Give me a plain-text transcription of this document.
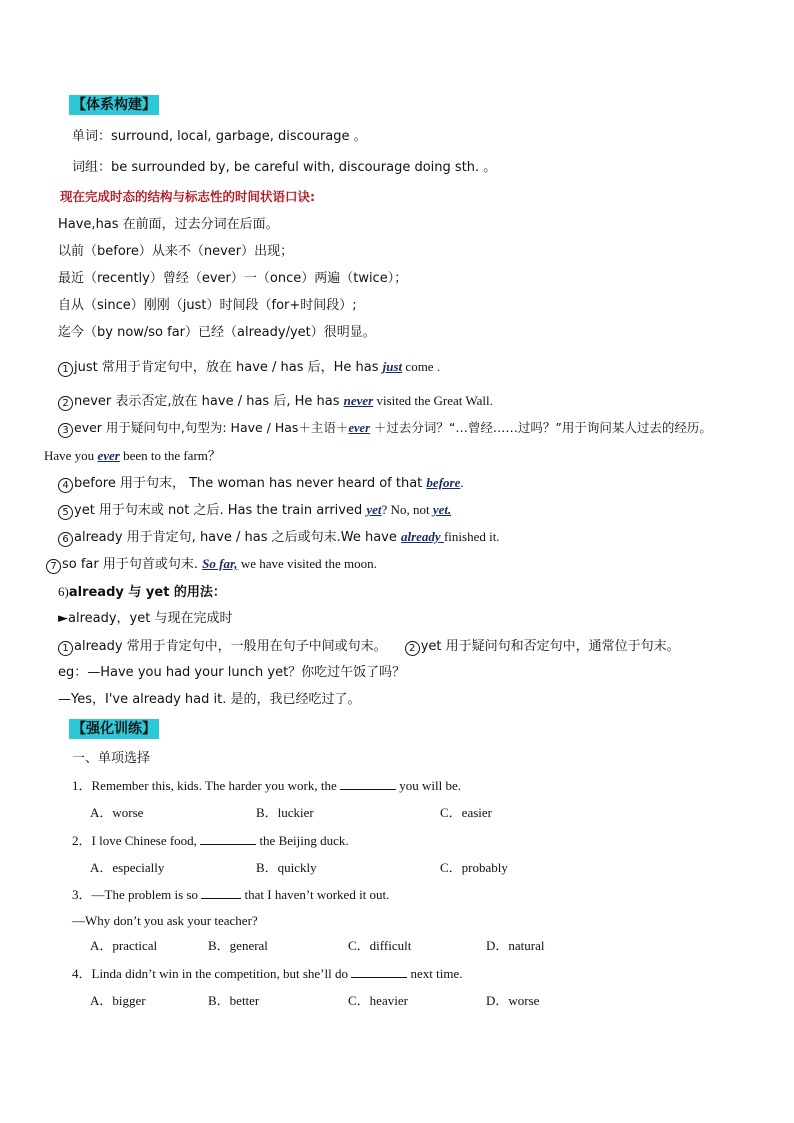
【体系构建】
单词：surround, local, garbage, discourage 。
词组：be surrounded by, be careful with, discourage doing sth. 。
现在完成时态的结构与标志性的时间状语口诀:
Have,has 在前面，过去分词在后面。
以前（before）从来不（never）出现；
最近（recently）曾经（ever）一（once）两遍（twice）；
自从（since）刚刚（just）时间段（for+时间段）;
迄今（by now/so far）已经（already/yet）很明显。
1 just 常用于肯定句中，放在 have / has 后，He has just come .
2 never 表示否定,放在 have / has 后, He has never visited the Great Wall.
3 ever 用于疑问句中,句型为: Have / Has＋主语＋ever ＋过去分词？“…曾经……过吗？”用于询问某人过去的经历。
Have you ever been to the farm？
4 before 用于句末， The woman has never heard of that before.
5 yet 用于句末或 not 之后. Has the train arrived yet? No, not yet.
6 already 用于肯定句, have / has 之后或句末.We have already finished it.
7 so far 用于句首或句末. So far, we have visited the moon.
6)already 与 yet 的用法：
►already，yet 与现在完成时
1 already 常用于肯定句中，一般用在句子中间或句末。 2 yet 用于疑问句和否定句中，通常位于句末。
eg：—Have you had your lunch yet？你吃过午饭了吗？
—Yes，I've already had it. 是的，我已经吃过了。
【强化训练】
一、单项选择
1．Remember this, kids. The harder you work, the	you will be.
A．worse	B．luckier	C．easier
2．I love Chinese food,	the Beijing duck.
A．especially	B．quickly	C．probably
3．—The problem is so	that I haven’t worked it out.
—Why don’t you ask your teacher?
A．practical	B．general	C．difficult	D．natural
4．Linda didn’t win in the competition, but she’ll do	next time.
A．bigger	B．better	C．heavier	D．worse
